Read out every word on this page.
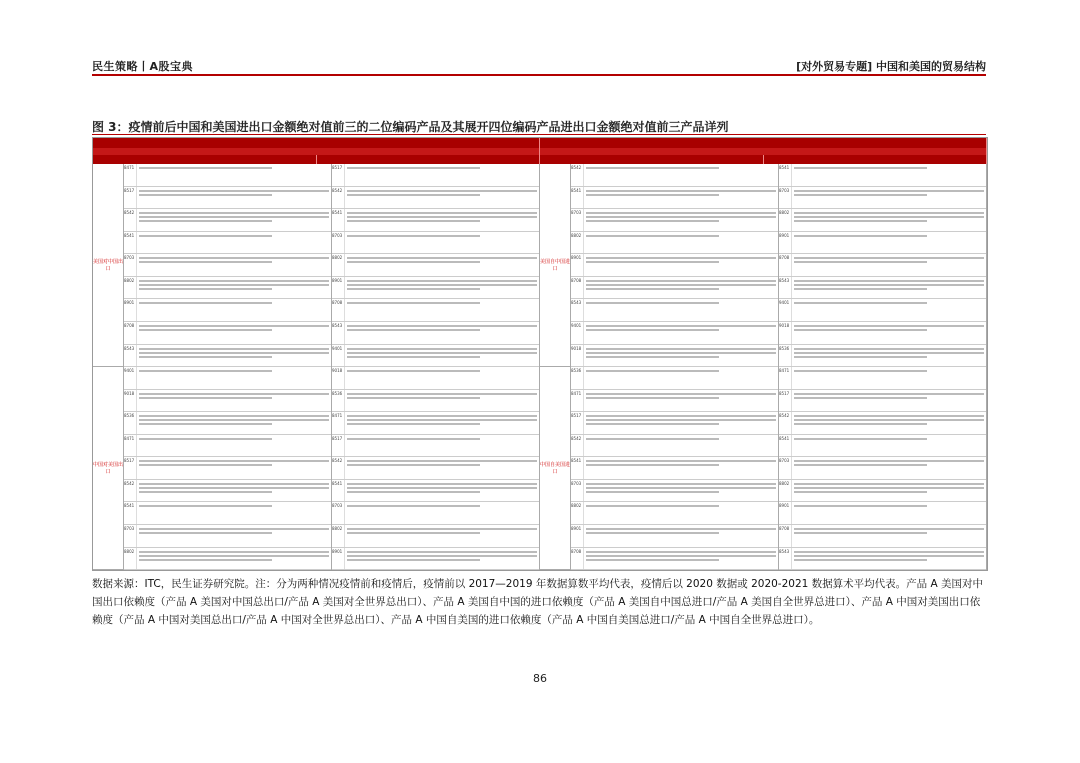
民生策略丨A股宝典	[对外贸易专题] 中国和美国的贸易结构
图 3：疫情前后中国和美国进出口金额绝对值前三的二位编码产品及其展开四位编码产品进出口金额绝对值前三产品详列
美国对中国出口
中国对美国出口
8471
8517
8542
8541
8703
8802
8901
8708
8543
9401
9018
8536
8471
8517
8542
8541
8703
8802
8517
8542
8541
8703
8802
8901
8708
8543
9401
9018
8536
8471
8517
8542
8541
8703
8802
8901
美国自中国进口
中国自美国进口
8542
8541
8703
8802
8901
8708
8543
9401
9018
8536
8471
8517
8542
8541
8703
8802
8901
8708
8541
8703
8802
8901
8708
8543
9401
9018
8536
8471
8517
8542
8541
8703
8802
8901
8708
8543
数据来源：ITC，民生证券研究院。注：分为两种情况疫情前和疫情后，疫情前以 2017—2019 年数据算数平均代表，疫情后以 2020 数据或 2020-2021 数据算术平均代表。产品 A 美国对中国出口依赖度（产品 A 美国对中国总出口/产品 A 美国对全世界总出口）、产品 A 美国自中国的进口依赖度（产品 A 美国自中国总进口/产品 A 美国自全世界总进口）、产品 A 中国对美国出口依赖度（产品 A 中国对美国总出口/产品 A 中国对全世界总出口）、产品 A 中国自美国的进口依赖度（产品 A 中国自美国总进口/产品 A 中国自全世界总进口）。
86
